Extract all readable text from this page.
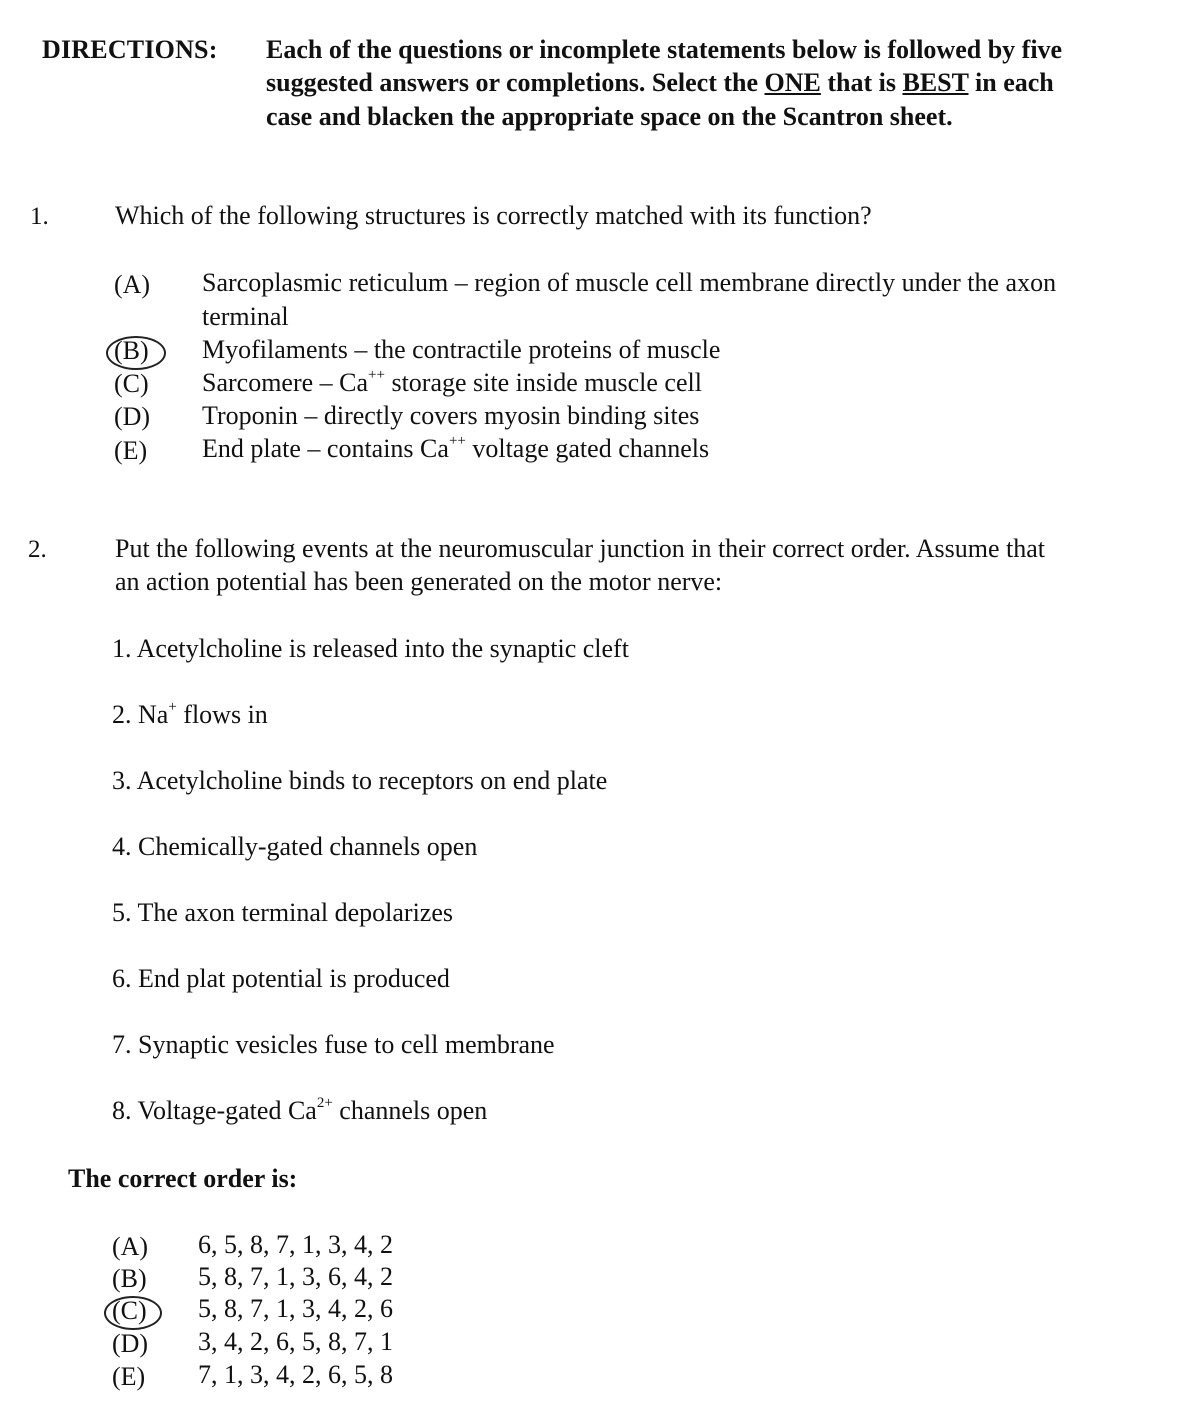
DIRECTIONS: Each of the questions or incomplete statements below is followed by five
suggested answers or completions. Select the ONE that is BEST in each
case and blacken the appropriate space on the Scantron sheet.
1.	Which of the following structures is correctly matched with its function?
(A) Sarcoplasmic reticulum – region of muscle cell membrane directly under the axon
terminal
(B) Myofilaments – the contractile proteins of muscle
(C) Sarcomere – Ca++ storage site inside muscle cell
(D) Troponin – directly covers myosin binding sites
(E) End plate – contains Ca++ voltage gated channels
2.	Put the following events at the neuromuscular junction in their correct order. Assume that
an action potential has been generated on the motor nerve:
1. Acetylcholine is released into the synaptic cleft
2. Na+ flows in
3. Acetylcholine binds to receptors on end plate
4. Chemically-gated channels open
5. The axon terminal depolarizes
6. End plat potential is produced
7. Synaptic vesicles fuse to cell membrane
8. Voltage-gated $Ca^{2+}$ channels open
The correct order is:
(A) 6, 5, 8, 7, 1, 3, 4, 2
(B) 5, 8, 7, 1, 3, 6, 4, 2
(C) 5, 8, 7, 1, 3, 4, 2, 6
(D) 3, 4, 2, 6, 5, 8, 7, 1
(E) 7, 1, 3, 4, 2, 6, 5, 8
